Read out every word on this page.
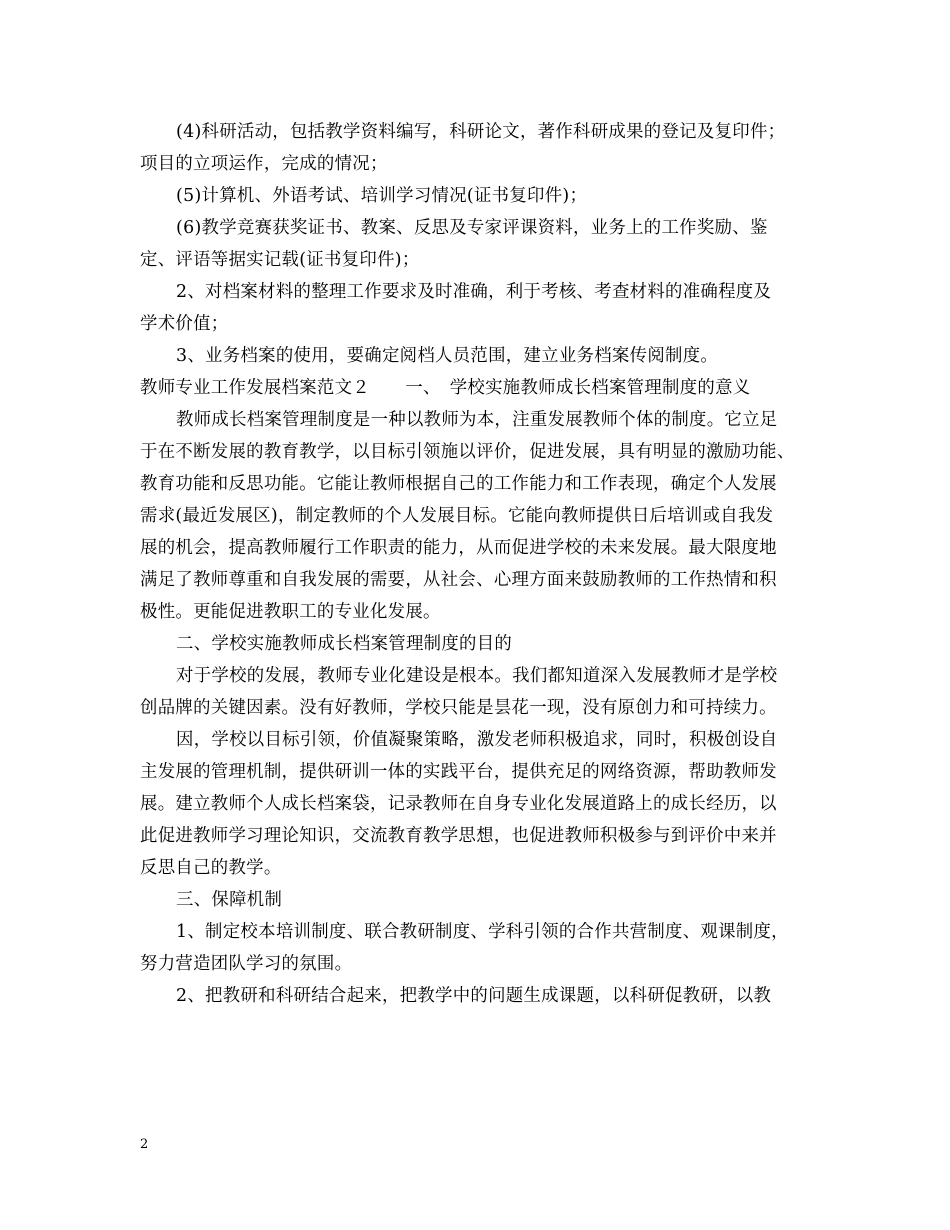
(4)科研活动，包括教学资料编写，科研论文，著作科研成果的登记及复印件；

项目的立项运作，完成的情况；

(5)计算机、外语考试、培训学习情况(证书复印件)；

(6)教学竞赛获奖证书、教案、反思及专家评课资料，业务上的工作奖励、鉴

定、评语等据实记载(证书复印件)；

2、对档案材料的整理工作要求及时准确，利于考核、考查材料的准确程度及

学术价值；

3、业务档案的使用，要确定阅档人员范围，建立业务档案传阅制度。

教师专业工作发展档案范文２　　一、　学校实施教师成长档案管理制度的意义

教师成长档案管理制度是一种以教师为本，注重发展教师个体的制度。它立足

于在不断发展的教育教学，以目标引领施以评价，促进发展，具有明显的激励功能、

教育功能和反思功能。它能让教师根据自己的工作能力和工作表现，确定个人发展

需求(最近发展区)，制定教师的个人发展目标。它能向教师提供日后培训或自我发

展的机会，提高教师履行工作职责的能力，从而促进学校的未来发展。最大限度地

满足了教师尊重和自我发展的需要，从社会、心理方面来鼓励教师的工作热情和积

极性。更能促进教职工的专业化发展。

二、学校实施教师成长档案管理制度的目的

对于学校的发展，教师专业化建设是根本。我们都知道深入发展教师才是学校

创品牌的关键因素。没有好教师，学校只能是昙花一现，没有原创力和可持续力。

因，学校以目标引领，价值凝聚策略，激发老师积极追求，同时，积极创设自

主发展的管理机制，提供研训一体的实践平台，提供充足的网络资源，帮助教师发

展。建立教师个人成长档案袋，记录教师在自身专业化发展道路上的成长经历，以

此促进教师学习理论知识，交流教育教学思想，也促进教师积极参与到评价中来并

反思自己的教学。

三、保障机制

1、制定校本培训制度、联合教研制度、学科引领的合作共营制度、观课制度，

努力营造团队学习的氛围。

2、把教研和科研结合起来，把教学中的问题生成课题，以科研促教研，以教

2
